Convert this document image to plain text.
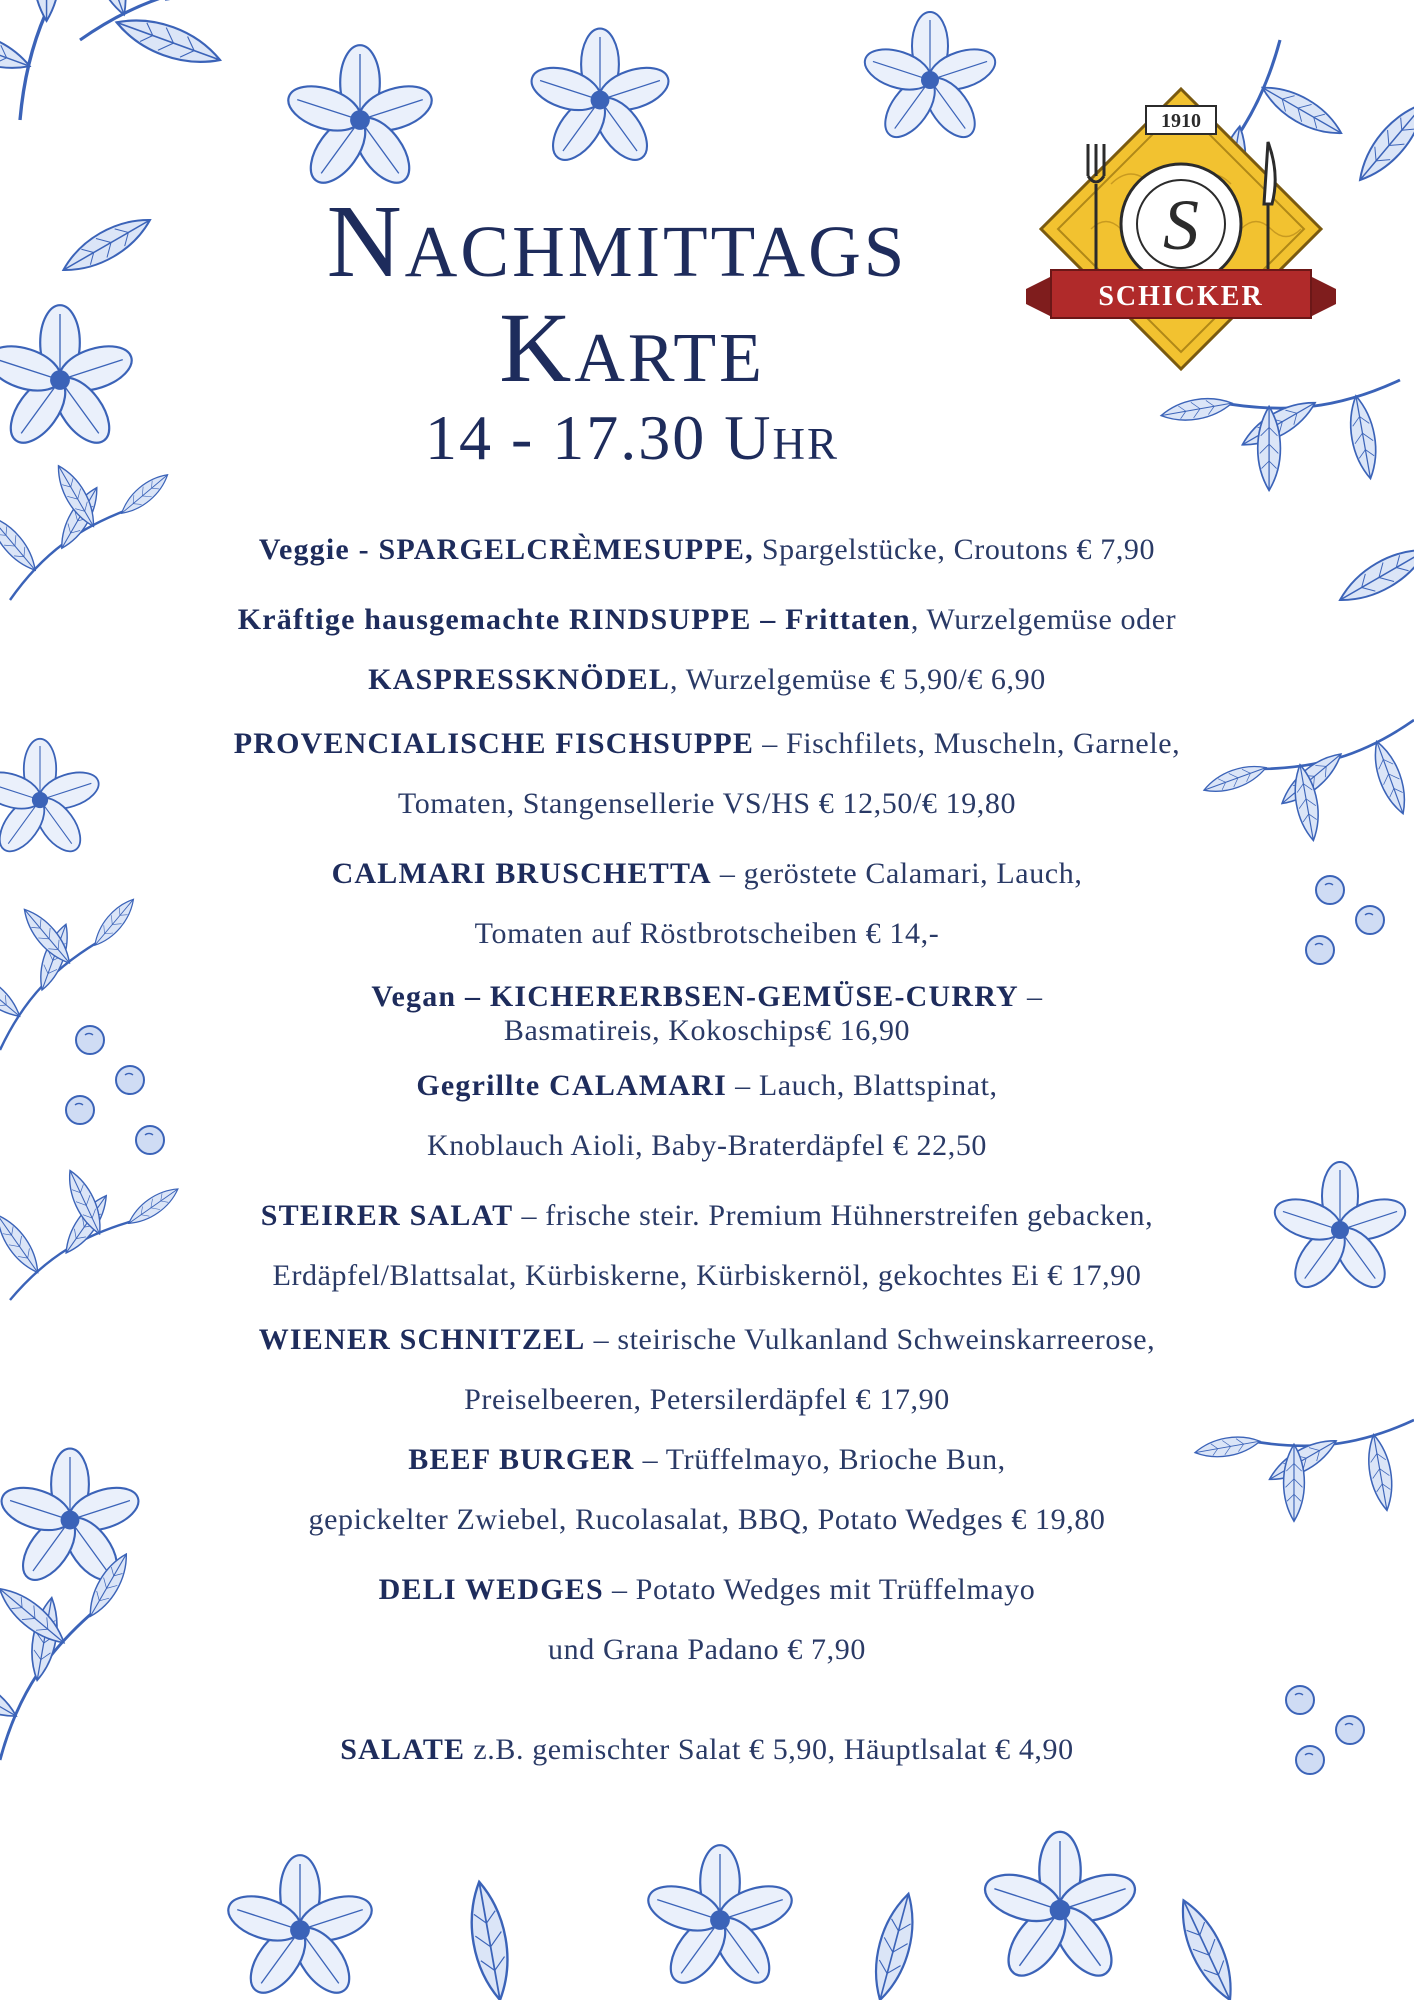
Nachmittags
Karte
14 - 17.30 Uhr
1910
S
SCHICKER
Veggie - SPARGELCRÈMESUPPE, Spargelstücke, Croutons € 7,90
Kräftige hausgemachte RINDSUPPE – Frittaten, Wurzelgemüse oder
KASPRESSKNÖDEL, Wurzelgemüse € 5,90/€ 6,90
PROVENCIALISCHE FISCHSUPPE – Fischfilets, Muscheln, Garnele,
Tomaten, Stangensellerie VS/HS € 12,50/€ 19,80
CALMARI BRUSCHETTA – geröstete Calamari, Lauch,
Tomaten auf Röstbrotscheiben € 14,-
Vegan – KICHERERBSEN-GEMÜSE-CURRY –
Basmatireis, Kokoschips€ 16,90
Gegrillte CALAMARI – Lauch, Blattspinat,
Knoblauch Aioli, Baby-Braterdäpfel € 22,50
STEIRER SALAT – frische steir. Premium Hühnerstreifen gebacken,
Erdäpfel/Blattsalat, Kürbiskerne, Kürbiskernöl, gekochtes Ei € 17,90
WIENER SCHNITZEL – steirische Vulkanland Schweinskarreerose,
Preiselbeeren, Petersilerdäpfel € 17,90
BEEF BURGER – Trüffelmayo, Brioche Bun,
gepickelter Zwiebel, Rucolasalat, BBQ, Potato Wedges € 19,80
DELI WEDGES – Potato Wedges mit Trüffelmayo
und Grana Padano € 7,90
SALATE z.B. gemischter Salat € 5,90, Häuptlsalat € 4,90
